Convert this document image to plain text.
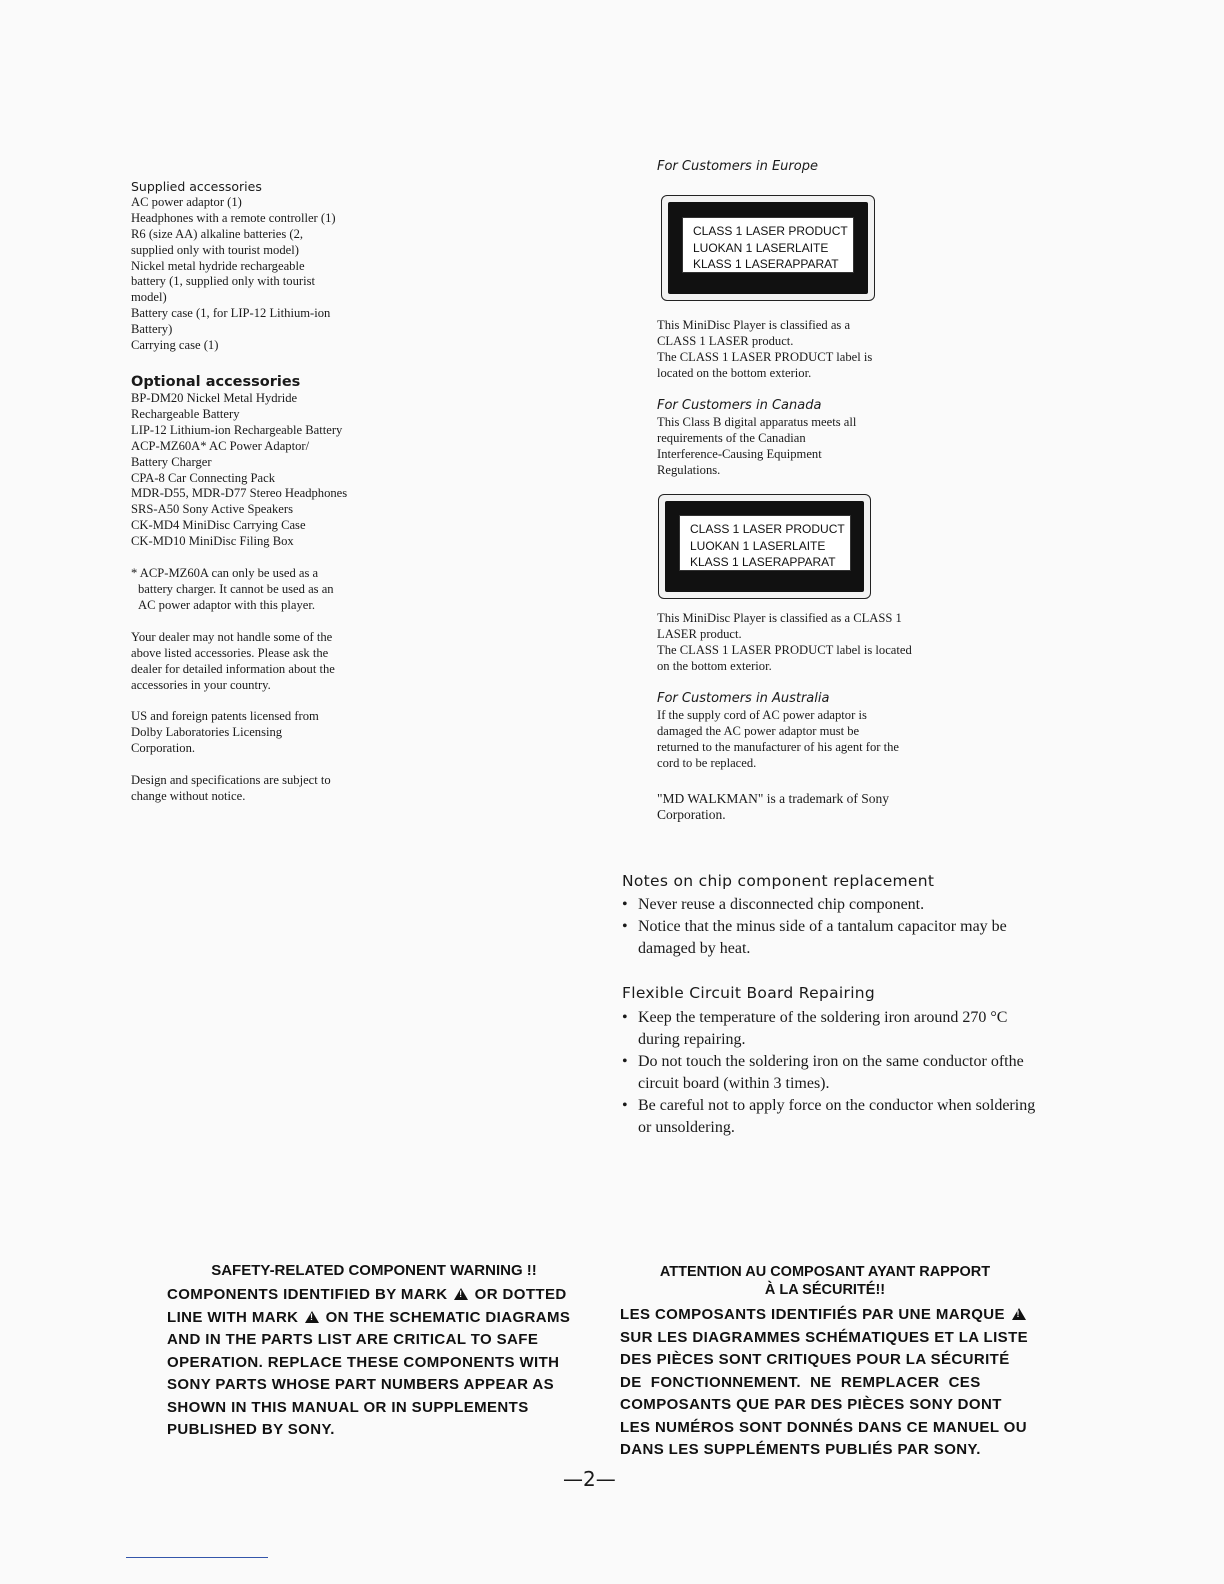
Supplied accessories
AC power adaptor (1)
Headphones with a remote controller (1)
R6 (size AA) alkaline batteries (2,
supplied only with tourist model)
Nickel metal hydride rechargeable
battery (1, supplied only with tourist
model)
Battery case (1, for LIP-12 Lithium-ion
Battery)
Carrying case (1)
Optional accessories
BP-DM20 Nickel Metal Hydride
Rechargeable Battery
LIP-12 Lithium-ion Rechargeable Battery
ACP-MZ60A* AC Power Adaptor/
Battery Charger
CPA-8 Car Connecting Pack
MDR-D55, MDR-D77 Stereo Headphones
SRS-A50 Sony Active Speakers
CK-MD4 MiniDisc Carrying Case
CK-MD10 MiniDisc Filing Box
* ACP-MZ60A can only be used as a
battery charger. It cannot be used as an
AC power adaptor with this player.
Your dealer may not handle some of the
above listed accessories. Please ask the
dealer for detailed information about the
accessories in your country.
US and foreign patents licensed from
Dolby Laboratories Licensing
Corporation.
Design and specifications are subject to
change without notice.
For Customers in Europe
CLASS 1 LASER PRODUCT
LUOKAN 1 LASERLAITE
KLASS 1 LASERAPPARAT
This MiniDisc Player is classified as a
CLASS 1 LASER product.
The CLASS 1 LASER PRODUCT label is
located on the bottom exterior.
For Customers in Canada
This Class B digital apparatus meets all
requirements of the Canadian
Interference-Causing Equipment
Regulations.
CLASS 1 LASER PRODUCT
LUOKAN 1 LASERLAITE
KLASS 1 LASERAPPARAT
This MiniDisc Player is classified as a CLASS 1
LASER product.
The CLASS 1 LASER PRODUCT label is located
on the bottom exterior.
For Customers in Australia
If the supply cord of AC power adaptor is
damaged the AC power adaptor must be
returned to the manufacturer of his agent for the
cord to be replaced.
"MD WALKMAN" is a trademark of Sony
Corporation.
Notes on chip component replacement
• Never reuse a disconnected chip component.
• Notice that the minus side of a tantalum capacitor may be
damaged by heat.
Flexible Circuit Board Repairing
• Keep the temperature of the soldering iron around 270 °C
during repairing.
• Do not touch the soldering iron on the same conductor ofthe
circuit board (within 3 times).
• Be careful not to apply force on the conductor when soldering
or unsoldering.
SAFETY-RELATED COMPONENT WARNING !!
COMPONENTS IDENTIFIED BY MARK ! OR DOTTED
LINE WITH MARK ! ON THE SCHEMATIC DIAGRAMS
AND IN THE PARTS LIST ARE CRITICAL TO SAFE
OPERATION. REPLACE THESE COMPONENTS WITH
SONY PARTS WHOSE PART NUMBERS APPEAR AS
SHOWN IN THIS MANUAL OR IN SUPPLEMENTS
PUBLISHED BY SONY.
ATTENTION AU COMPOSANT AYANT RAPPORT
À LA SÉCURITÉ!!
LES COMPOSANTS IDENTIFIÉS PAR UNE MARQUE !
SUR LES DIAGRAMMES SCHÉMATIQUES ET LA LISTE
DES PIÈCES SONT CRITIQUES POUR LA SÉCURITÉ
DE  FONCTIONNEMENT.  NE  REMPLACER  CES
COMPOSANTS QUE PAR DES PIÈCES SONY DONT
LES NUMÉROS SONT DONNÉS DANS CE MANUEL OU
DANS LES SUPPLÉMENTS PUBLIÉS PAR SONY.
—2—
